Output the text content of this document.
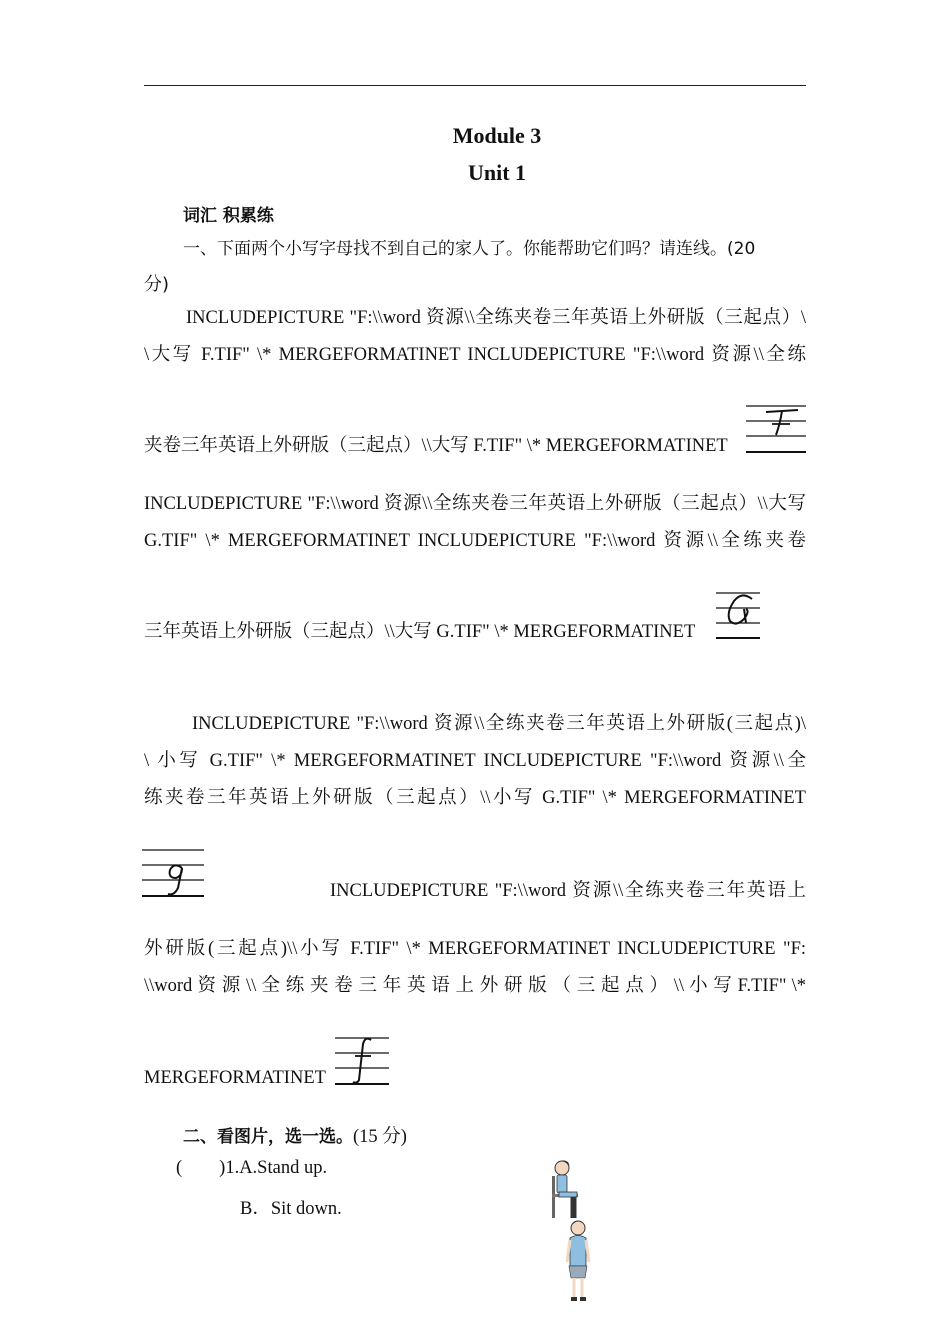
Module 3
Unit 1
词汇 积累练
一、下面两个小写字母找不到自己的家人了。你能帮助它们吗？请连线。(20
分)
INCLUDEPICTURE "F:\\word 资源\\全练夹卷三年英语上外研版（三起点）\
\大写 F.TIF" \* MERGEFORMATINET INCLUDEPICTURE "F:\\word 资源\\全练
夹卷三年英语上外研版（三起点）\\大写 F.TIF" \* MERGEFORMATINET
INCLUDEPICTURE "F:\\word 资源\\全练夹卷三年英语上外研版（三起点）\\大写
G.TIF" \* MERGEFORMATINET INCLUDEPICTURE "F:\\word 资源\\全练夹卷
三年英语上外研版（三起点）\\大写 G.TIF" \* MERGEFORMATINET
G
INCLUDEPICTURE "F:\\word 资源\\全练夹卷三年英语上外研版(三起点)\
\ 小写 G.TIF" \* MERGEFORMATINET INCLUDEPICTURE "F:\\word 资源\\全
练夹卷三年英语上外研版（三起点）\\小写 G.TIF" \* MERGEFORMATINET
g
INCLUDEPICTURE "F:\\word 资源\\全练夹卷三年英语上
外研版(三起点)\\小写 F.TIF" \* MERGEFORMATINET INCLUDEPICTURE "F:
\\word 资 源 \\ 全 练 夹 卷 三 年 英 语 上 外 研 版 （ 三 起 点 ） \\ 小 写 F.TIF" \*
MERGEFORMATINET
f
二、看图片，选一选。(15 分)
(        )1.A.Stand up.
B．Sit down.
